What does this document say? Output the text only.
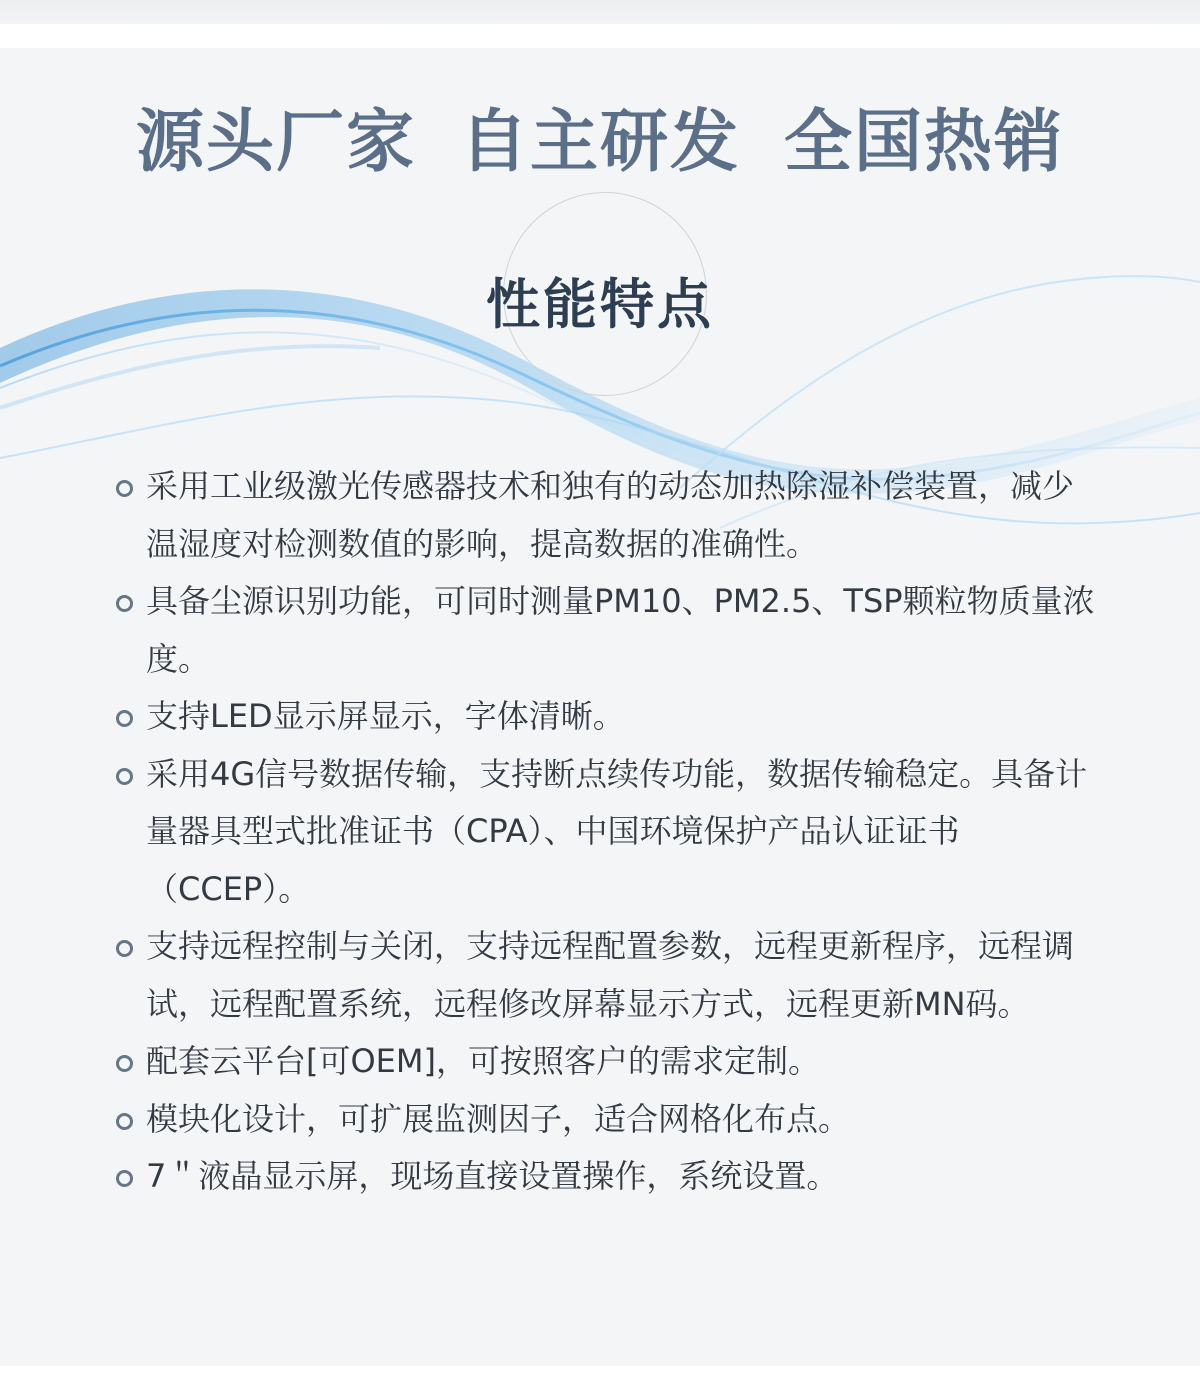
源头厂家 自主研发 全国热销
性能特点
采用工业级激光传感器技术和独有的动态加热除湿补偿装置，减少温湿度对检测数值的影响，提高数据的准确性。
具备尘源识别功能，可同时测量PM10、PM2.5、TSP颗粒物质量浓度。
支持LED显示屏显示，字体清晰。
采用4G信号数据传输，支持断点续传功能，数据传输稳定。具备计量器具型式批准证书（CPA）、中国环境保护产品认证证书（CCEP）。
支持远程控制与关闭，支持远程配置参数，远程更新程序，远程调试，远程配置系统，远程修改屏幕显示方式，远程更新MN码。
配套云平台[可OEM]，可按照客户的需求定制。
模块化设计，可扩展监测因子，适合网格化布点。
7＂液晶显示屏，现场直接设置操作，系统设置。
